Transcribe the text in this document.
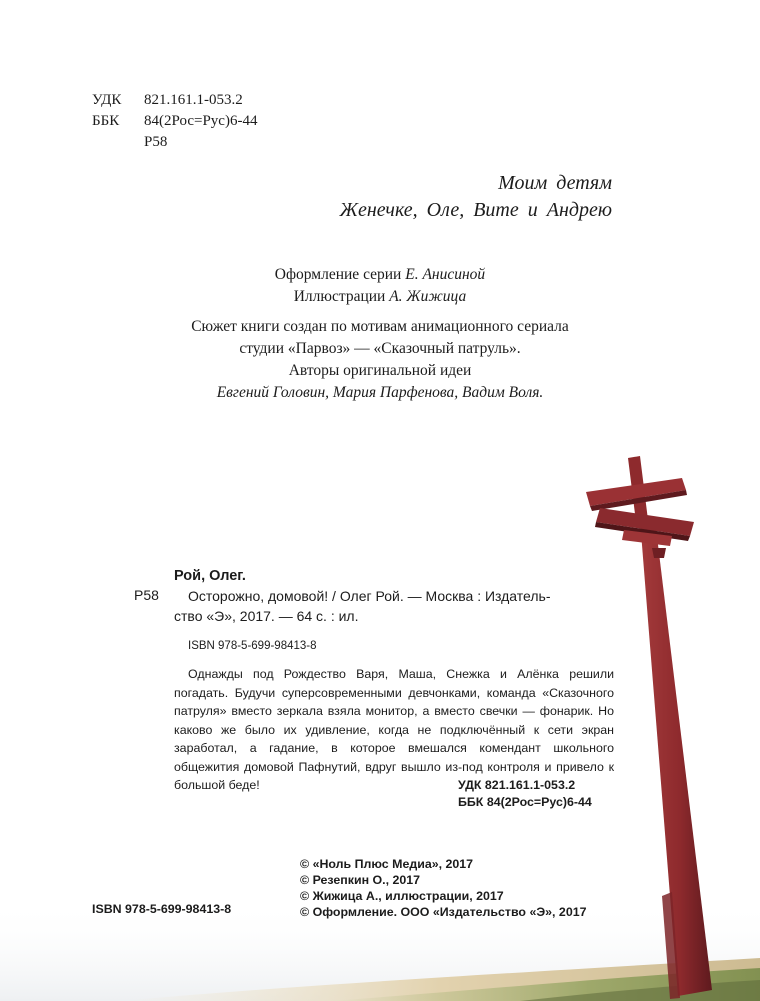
УДК 821.161.1-053.2
ББК 84(2Рос=Рус)6-44
Р58
Моим детям
Женечке, Оле, Вите и Андрею
Оформление серии Е. Анисиной
Иллюстрации А. Жижица
Сюжет книги создан по мотивам анимационного сериала
студии «Парвоз» — «Сказочный патруль».
Авторы оригинальной идеи
Евгений Головин, Мария Парфенова, Вадим Воля.
Р58
Рой, Олег.
Осторожно, домовой! / Олег Рой. — Москва : Издатель-
ство «Э», 2017. — 64 с. : ил.
ISBN 978-5-699-98413-8
Однажды под Рождество Варя, Маша, Снежка и Алёнка решили погадать. Будучи суперсовременными девчонками, команда «Сказочного патруля» вместо зеркала взяла монитор, а вместо свечки — фонарик. Но каково же было их удивление, когда не подключённый к сети экран заработал, а гадание, в которое вмешался комендант школьного общежития домовой Пафнутий, вдруг вышло из-под контроля и привело к большой беде!	УДК 821.161.1-053.2
ББК 84(2Рос=Рус)6-44
© «Ноль Плюс Медиа», 2017
© Резепкин О., 2017
© Жижица А., иллюстрации, 2017
© Оформление. ООО «Издательство «Э», 2017
ISBN 978-5-699-98413-8
